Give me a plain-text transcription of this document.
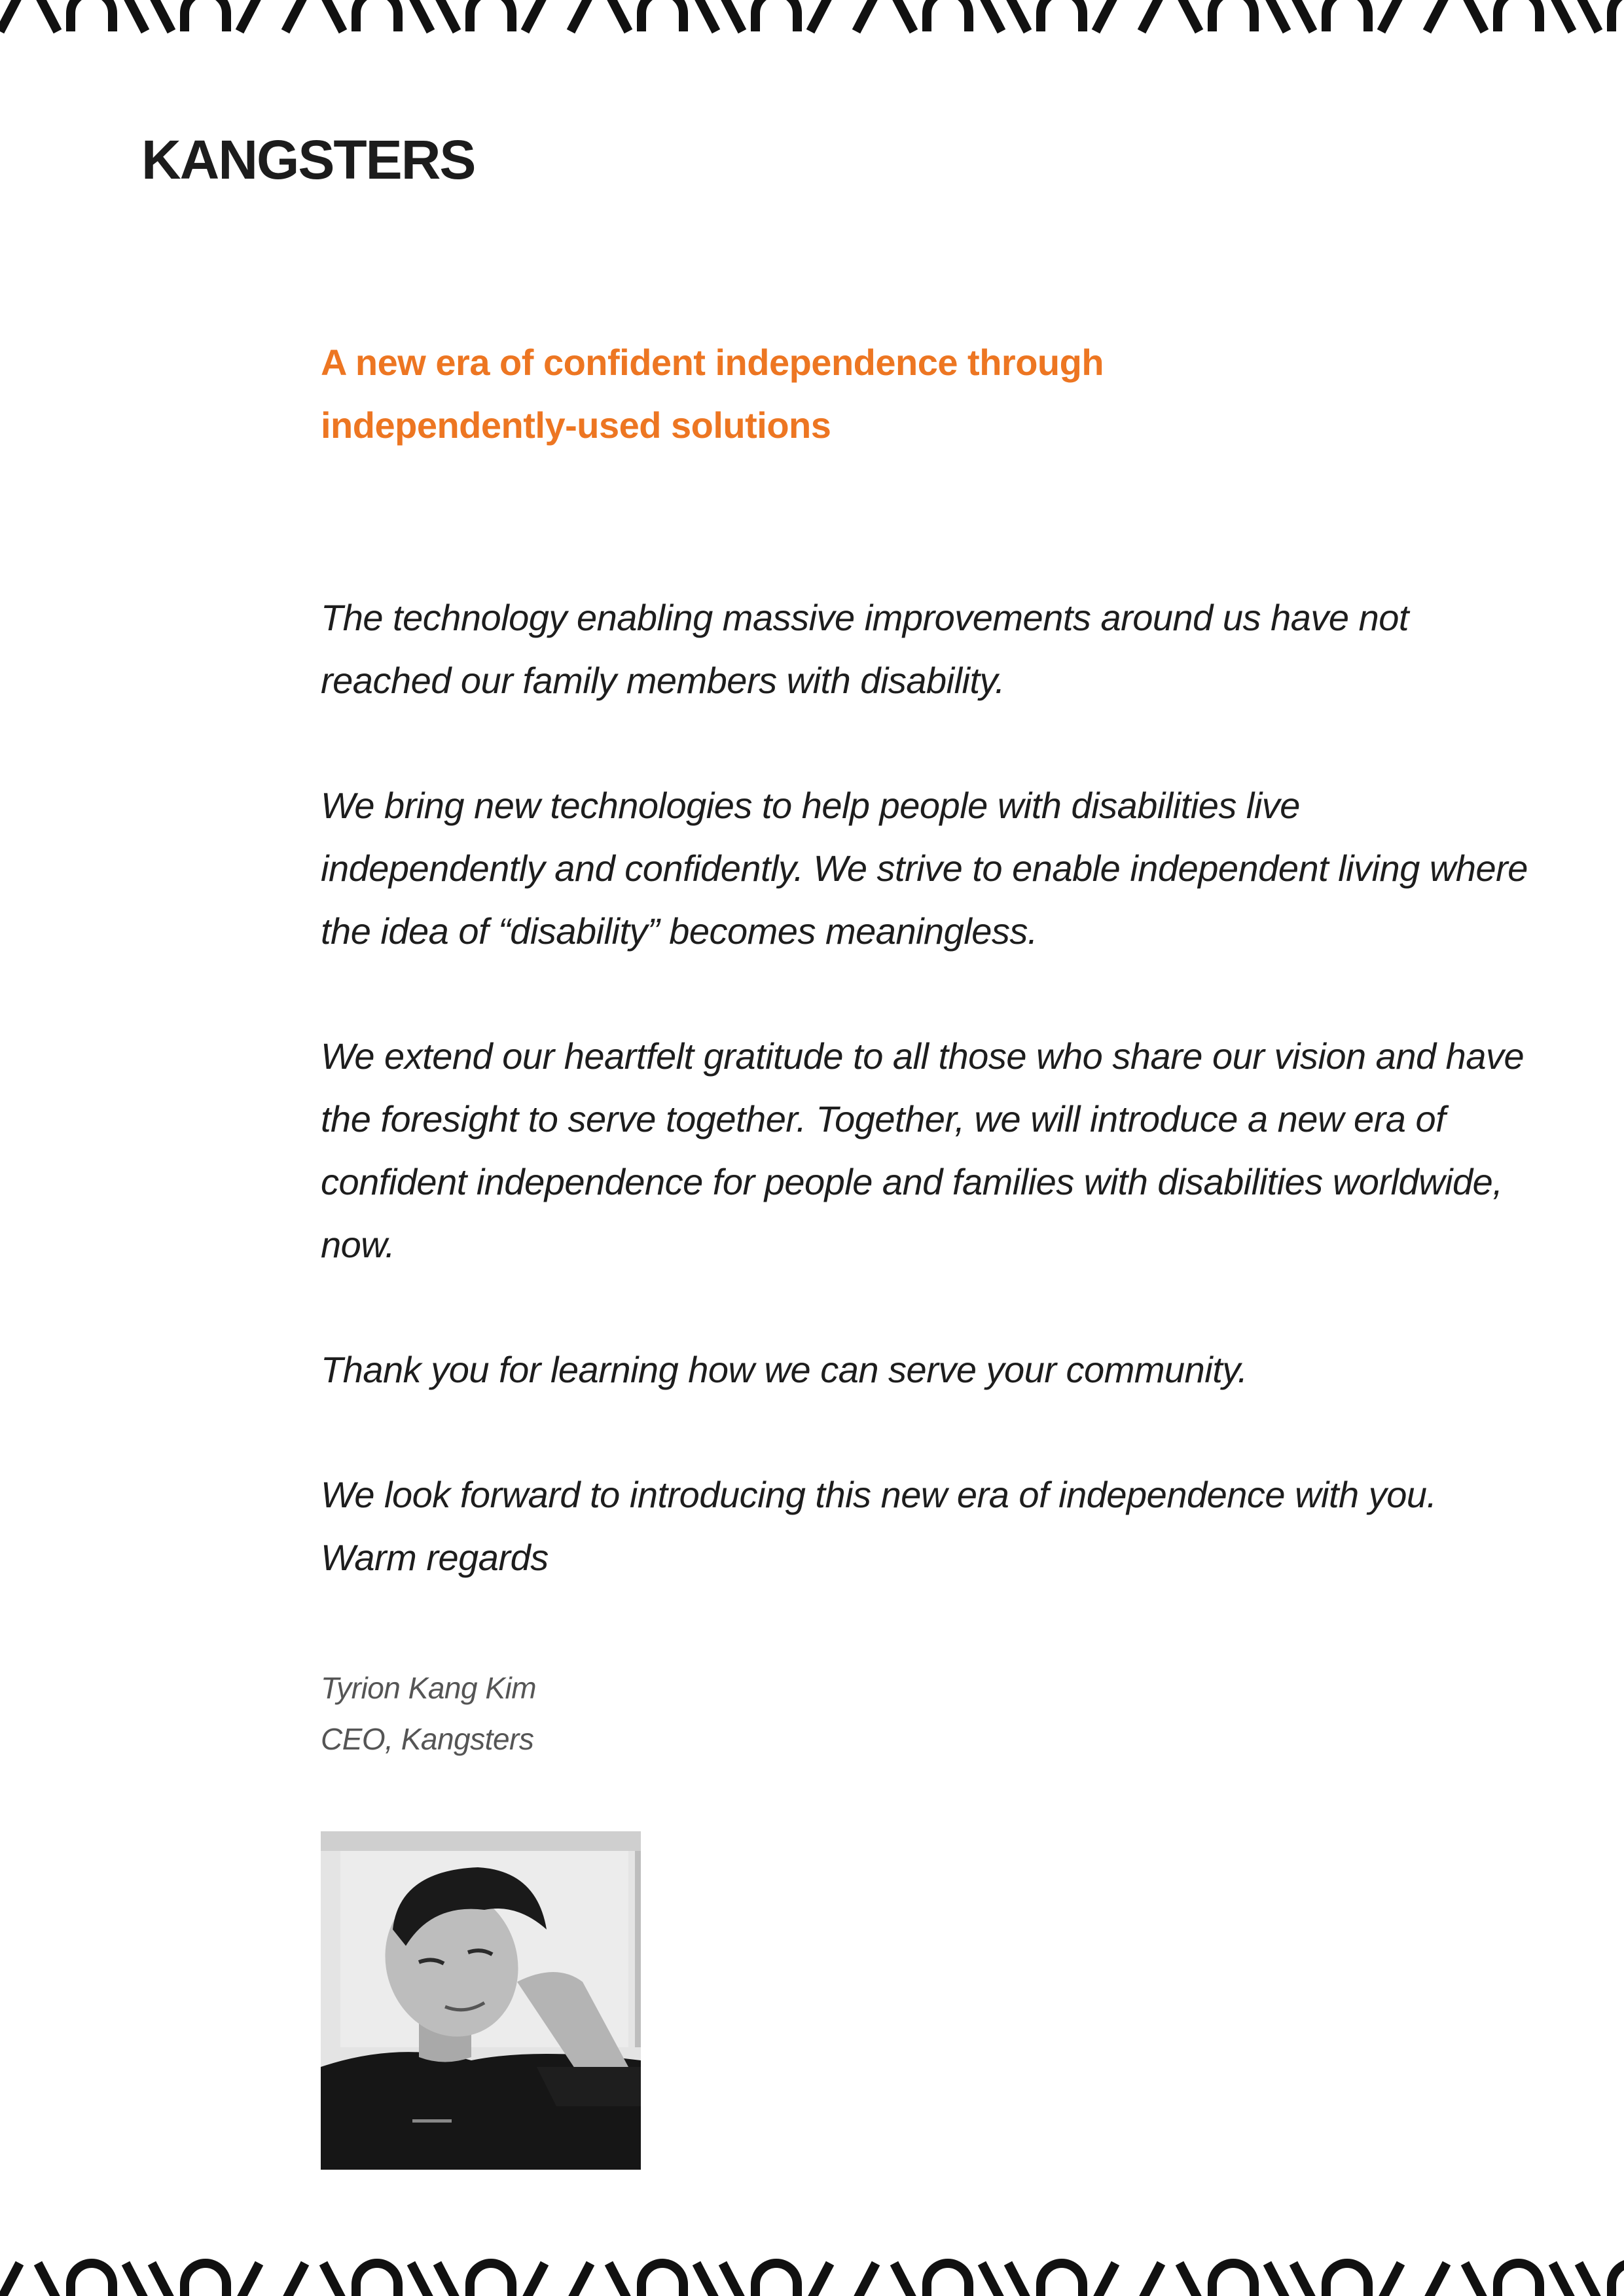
KANGSTERS
A new era of confident independence through
independently-used solutions

The technology enabling massive improvements around us have not reached our family members with disability.

We bring new technologies to help people with disabilities live independently and confidently. We strive to enable independent living where the idea of “disability” becomes meaningless.

We extend our heartfelt gratitude to all those who share our vision and have the foresight to serve together. Together, we will introduce a new era of confident independence for people and families with disabilities worldwide, now.

Thank you for learning how we can serve your community.

We look forward to introducing this new era of independence with you.

Warm regards

Tyrion Kang Kim
CEO, Kangsters
